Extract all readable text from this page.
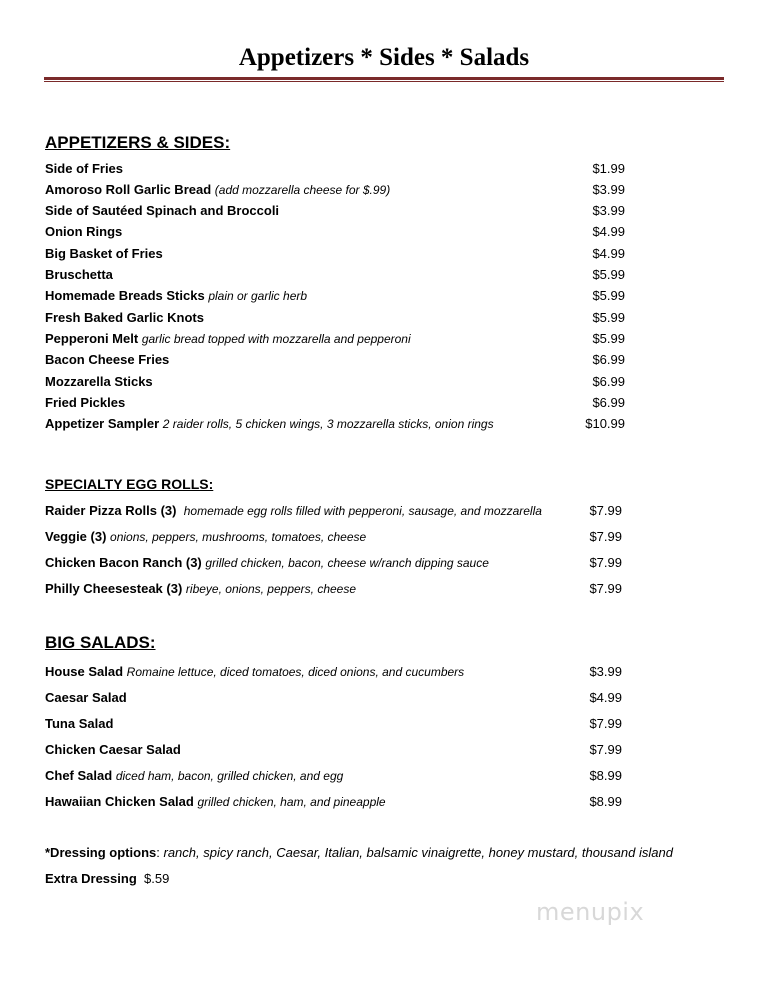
Appetizers * Sides * Salads
APPETIZERS & SIDES:
Side of Fries	$1.99
Amoroso Roll Garlic Bread (add mozzarella cheese for $.99)	$3.99
Side of Sautéed Spinach and Broccoli	$3.99
Onion Rings	$4.99
Big Basket of Fries	$4.99
Bruschetta	$5.99
Homemade Breads Sticks plain or garlic herb	$5.99
Fresh Baked Garlic Knots	$5.99
Pepperoni Melt garlic bread topped with mozzarella and pepperoni	$5.99
Bacon Cheese Fries	$6.99
Mozzarella Sticks	$6.99
Fried Pickles	$6.99
Appetizer Sampler 2 raider rolls, 5 chicken wings, 3 mozzarella sticks, onion rings	$10.99
SPECIALTY EGG ROLLS:
Raider Pizza Rolls (3) homemade egg rolls filled with pepperoni, sausage, and mozzarella	$7.99
Veggie (3) onions, peppers, mushrooms, tomatoes, cheese	$7.99
Chicken Bacon Ranch (3) grilled chicken, bacon, cheese w/ranch dipping sauce	$7.99
Philly Cheesesteak (3) ribeye, onions, peppers, cheese	$7.99
BIG SALADS:
House Salad Romaine lettuce, diced tomatoes, diced onions, and cucumbers	$3.99
Caesar Salad	$4.99
Tuna Salad	$7.99
Chicken Caesar Salad	$7.99
Chef Salad diced ham, bacon, grilled chicken, and egg	$8.99
Hawaiian Chicken Salad grilled chicken, ham, and pineapple	$8.99
*Dressing options: ranch, spicy ranch, Caesar, Italian, balsamic vinaigrette, honey mustard, thousand island
Extra Dressing $.59
menupix
